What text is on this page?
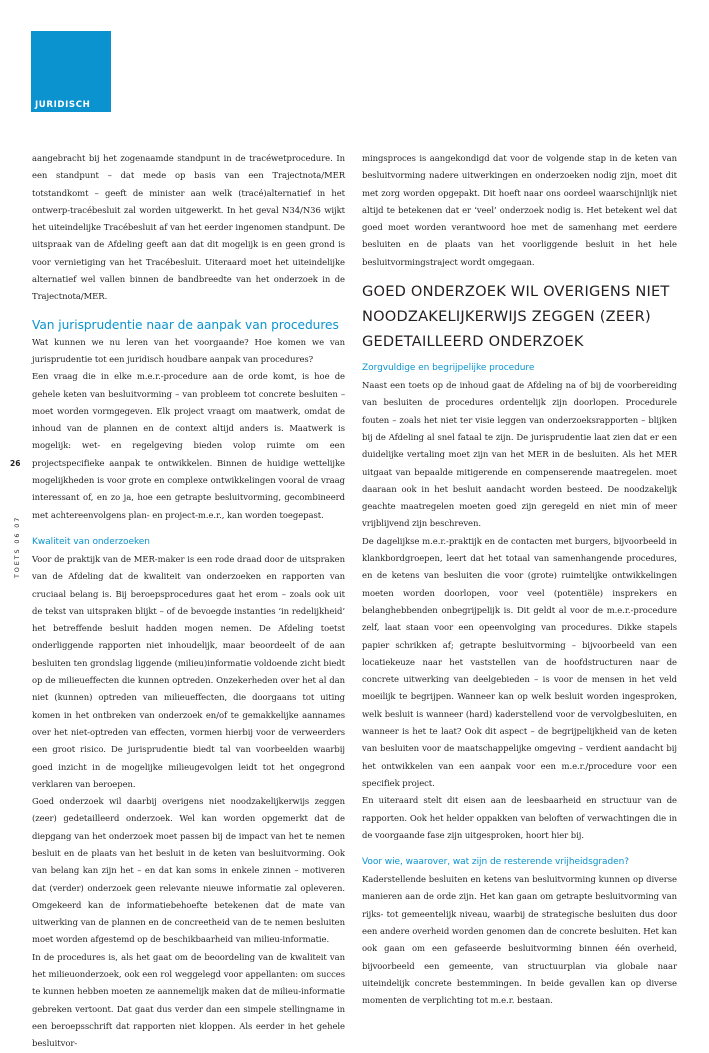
JURIDISCH
26
TOETS 06 07

aangebracht bij het zogenaamde standpunt in de tracéwetprocedure. In een standpunt – dat mede op basis van een Trajectnota/MER totstandkomt – geeft de minister aan welk (tracé)alternatief in het ontwerp-tracébesluit zal worden uitgewerkt. In het geval N34/N36 wijkt het uiteindelijke Tracébesluit af van het eerder ingenomen standpunt. De uitspraak van de Afdeling geeft aan dat dit mogelijk is en geen grond is voor vernietiging van het Tracébesluit. Uiteraard moet het uiteindelijke alternatief wel vallen binnen de bandbreedte van het onderzoek in de Trajectnota/MER.

Van jurisprudentie naar de aanpak van procedures

Wat kunnen we nu leren van het voorgaande? Hoe komen we van jurisprudentie tot een juridisch houdbare aanpak van procedures?

Een vraag die in elke m.e.r.-procedure aan de orde komt, is hoe de gehele keten van besluitvorming – van probleem tot concrete besluiten – moet worden vormgegeven. Elk project vraagt om maatwerk, omdat de inhoud van de plannen en de context altijd anders is. Maatwerk is mogelijk: wet- en regelgeving bieden volop ruimte om een projectspecifieke aanpak te ontwikkelen. Binnen de huidige wettelijke mogelijkheden is voor grote en complexe ontwikkelingen vooral de vraag interessant of, en zo ja, hoe een getrapte besluitvorming, gecombineerd met achtereenvolgens plan- en project-m.e.r., kan worden toegepast.

Kwaliteit van onderzoeken

Voor de praktijk van de MER-maker is een rode draad door de uitspraken van de Afdeling dat de kwaliteit van onderzoeken en rapporten van cruciaal belang is. Bij beroepsprocedures gaat het erom – zoals ook uit de tekst van uitspraken blijkt – of de bevoegde instanties ‘in redelijkheid’ het betreffende besluit hadden mogen nemen. De Afdeling toetst onderliggende rapporten niet inhoudelijk, maar beoordeelt of de aan besluiten ten grondslag liggende (milieu)informatie voldoende zicht biedt op de milieueffecten die kunnen optreden. Onzekerheden over het al dan niet (kunnen) optreden van milieueffecten, die doorgaans tot uiting komen in het ontbreken van onderzoek en/of te gemakkelijke aannames over het niet-optreden van effecten, vormen hierbij voor de verweerders een groot risico. De jurisprudentie biedt tal van voorbeelden waarbij goed inzicht in de mogelijke milieugevolgen leidt tot het ongegrond verklaren van beroepen.

Goed onderzoek wil daarbij overigens niet noodzakelijkerwijs zeggen (zeer) gedetailleerd onderzoek. Wel kan worden opgemerkt dat de diepgang van het onderzoek moet passen bij de impact van het te nemen besluit en de plaats van het besluit in de keten van besluitvorming. Ook van belang kan zijn het – en dat kan soms in enkele zinnen – motiveren dat (verder) onderzoek geen relevante nieuwe informatie zal opleveren. Omgekeerd kan de informatiebehoefte betekenen dat de mate van uitwerking van de plannen en de concreetheid van de te nemen besluiten moet worden afgestemd op de beschikbaarheid van milieu-informatie.

In de procedures is, als het gaat om de beoordeling van de kwaliteit van het milieuonderzoek, ook een rol weggelegd voor appellanten: om succes te kunnen hebben moeten ze aannemelijk maken dat de milieu-informatie gebreken vertoont. Dat gaat dus verder dan een simpele stellingname in een beroepsschrift dat rapporten niet kloppen. Als eerder in het gehele besluitvor-

mingsproces is aangekondigd dat voor de volgende stap in de keten van besluitvorming nadere uitwerkingen en onderzoeken nodig zijn, moet dit met zorg worden opgepakt. Dit hoeft naar ons oordeel waarschijnlijk niet altijd te betekenen dat er ‘veel’ onderzoek nodig is. Het betekent wel dat goed moet worden verantwoord hoe met de samenhang met eerdere besluiten en de plaats van het voorliggende besluit in het hele besluitvormingstraject wordt omgegaan.

GOED ONDERZOEK WIL OVERIGENS NIET NOODZAKELIJKERWIJS ZEGGEN (ZEER) GEDETAILLEERD ONDERZOEK
Zorgvuldige en begrijpelijke procedure

Naast een toets op de inhoud gaat de Afdeling na of bij de voorbereiding van besluiten de procedures ordentelijk zijn doorlopen. Procedurele fouten – zoals het niet ter visie leggen van onderzoeksrapporten – blijken bij de Afdeling al snel fataal te zijn. De jurisprudentie laat zien dat er een duidelijke vertaling moet zijn van het MER in de besluiten. Als het MER uitgaat van bepaalde mitigerende en compenserende maatregelen. moet daaraan ook in het besluit aandacht worden besteed. De noodzakelijk geachte maatregelen moeten goed zijn geregeld en niet min of meer vrijblijvend zijn beschreven.

De dagelijkse m.e.r.-praktijk en de contacten met burgers, bijvoorbeeld in klankbordgroepen, leert dat het totaal van samenhangende procedures, en de ketens van besluiten die voor (grote) ruimtelijke ontwikkelingen moeten worden doorlopen, voor veel (potentiële) insprekers en belanghebbenden onbegrijpelijk is. Dit geldt al voor de m.e.r.-procedure zelf, laat staan voor een opeenvolging van procedures. Dikke stapels papier schrikken af; getrapte besluitvorming – bijvoorbeeld van een locatiekeuze naar het vaststellen van de hoofdstructuren naar de concrete uitwerking van deelgebieden – is voor de mensen in het veld moeilijk te begrijpen. Wanneer kan op welk besluit worden ingesproken, welk besluit is wanneer (hard) kaderstellend voor de vervolgbesluiten, en wanneer is het te laat? Ook dit aspect – de begrijpelijkheid van de keten van besluiten voor de maatschappelijke omgeving – verdient aandacht bij het ontwikkelen van een aanpak voor een m.e.r./procedure voor een specifiek project.

En uiteraard stelt dit eisen aan de leesbaarheid en structuur van de rapporten. Ook het helder oppakken van beloften of verwachtingen die in de voorgaande fase zijn uitgesproken, hoort hier bij.

Voor wie, waarover, wat zijn de resterende vrijheidsgraden?

Kaderstellende besluiten en ketens van besluitvorming kunnen op diverse manieren aan de orde zijn. Het kan gaan om getrapte besluitvorming van rijks- tot gemeentelijk niveau, waarbij de strategische besluiten dus door een andere overheid worden genomen dan de concrete besluiten. Het kan ook gaan om een gefaseerde besluitvorming binnen één overheid, bijvoorbeeld een gemeente, van structuurplan via globale naar uiteindelijk concrete bestemmingen. In beide gevallen kan op diverse momenten de verplichting tot m.e.r. bestaan.
